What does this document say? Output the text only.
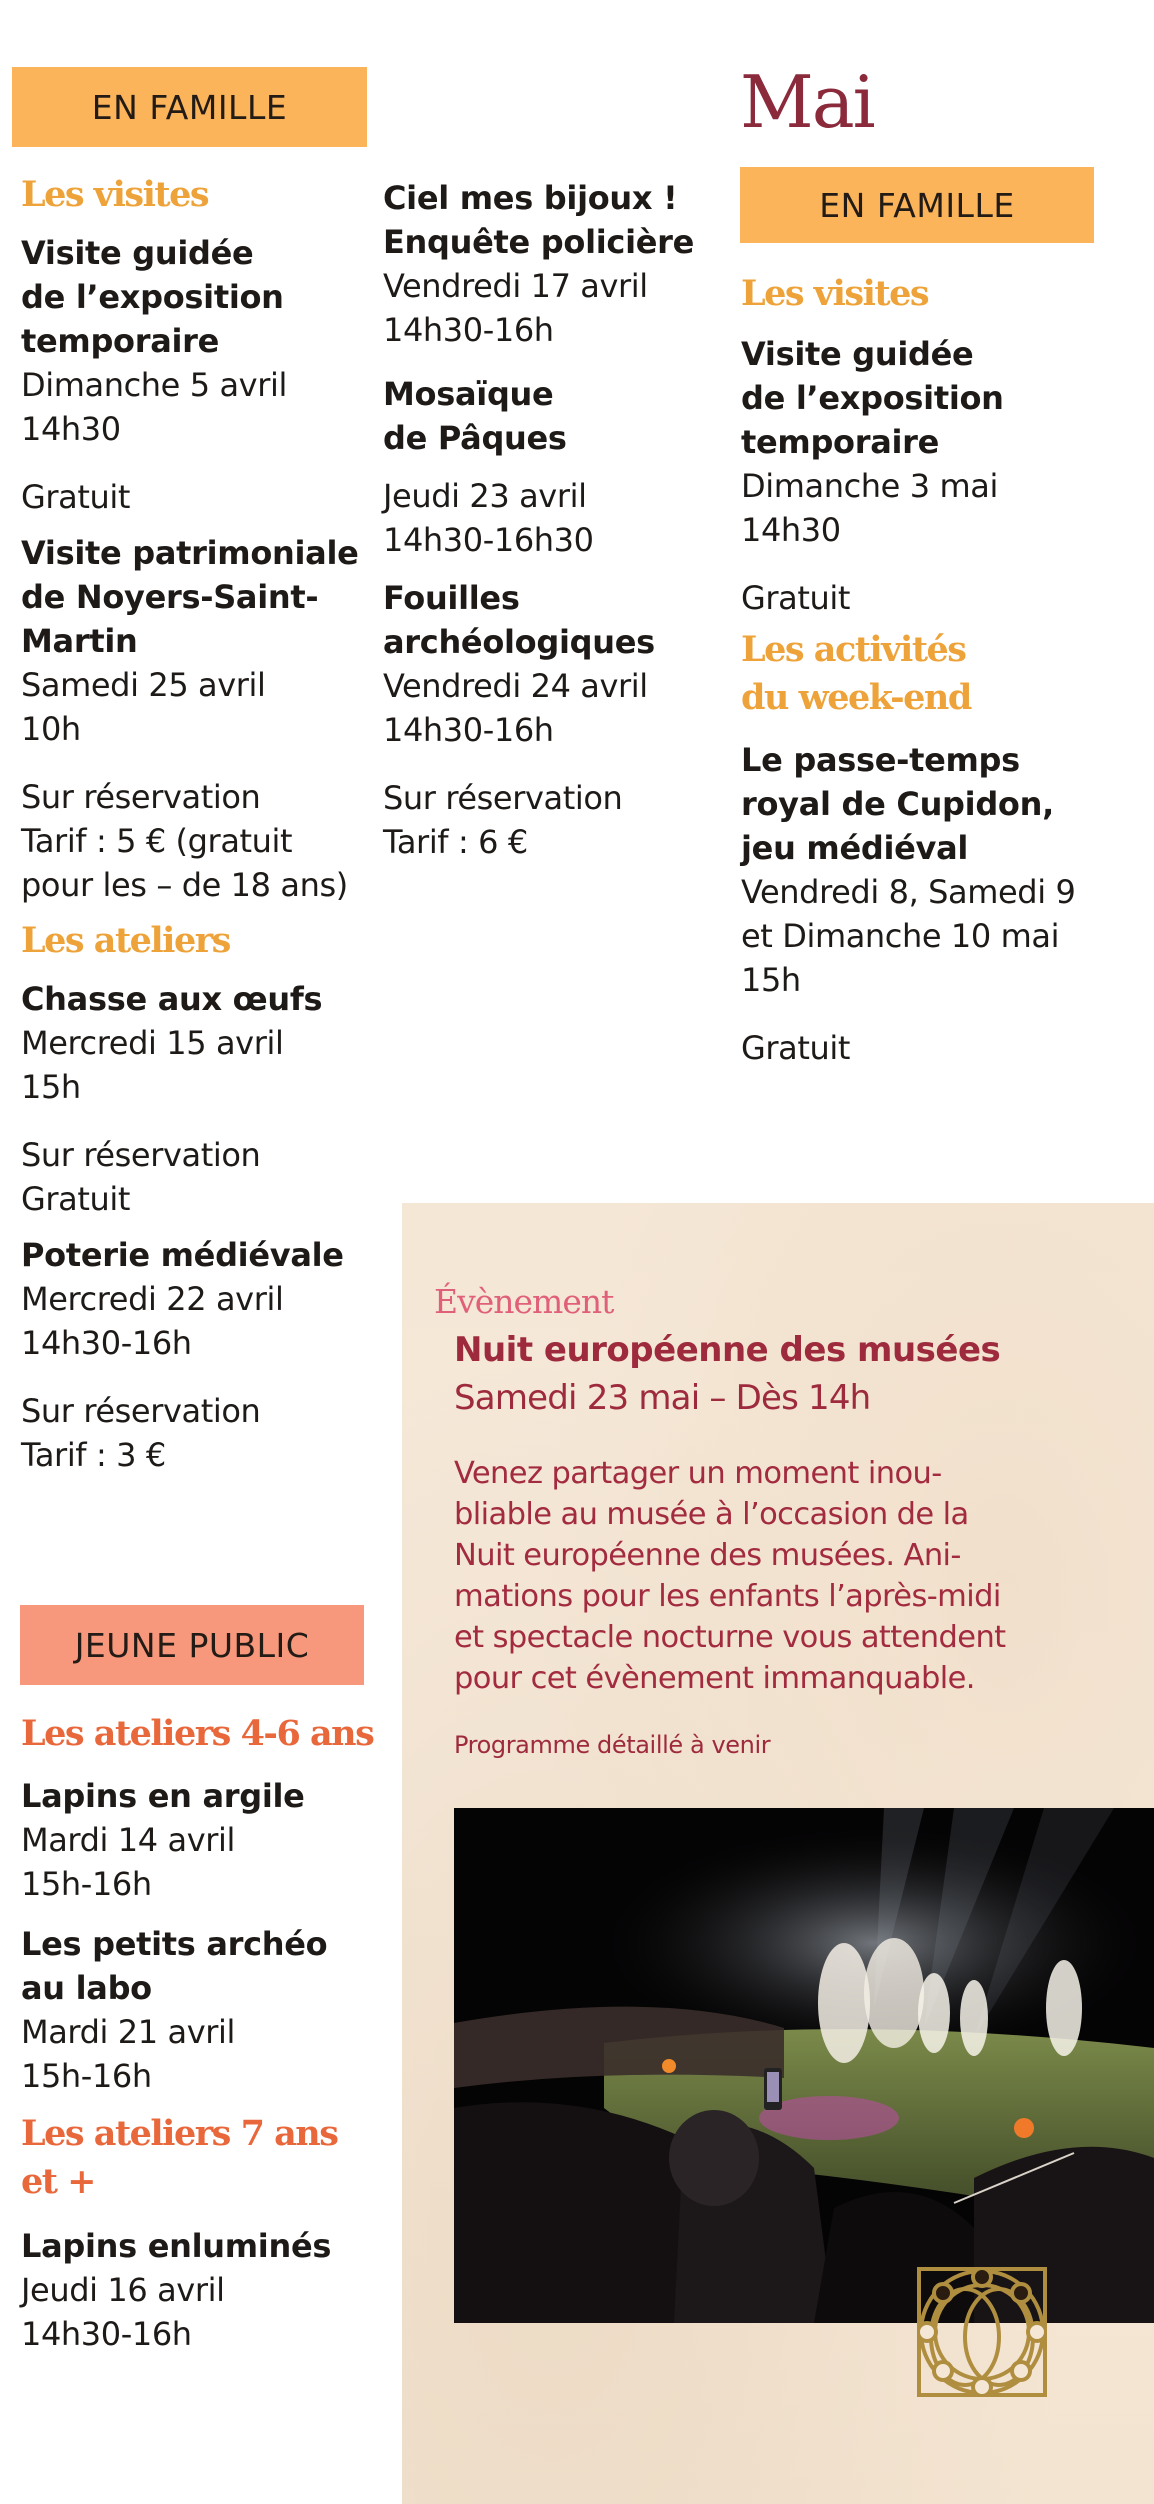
EN FAMILLE
Les visites

Visite guidée

de l’exposition

temporaire

Dimanche 5 avril

14h30

Gratuit

Visite patrimoniale

de Noyers-Saint-

Martin

Samedi 25 avril

10h

Sur réservation

Tarif : 5 € (gratuit

pour les – de 18 ans)

Les ateliers

Chasse aux œufs

Mercredi 15 avril

15h

Sur réservation

Gratuit

Poterie médiévale

Mercredi 22 avril

14h30-16h

Sur réservation

Tarif : 3 €

JEUNE PUBLIC
Les ateliers 4-6 ans

Lapins en argile

Mardi 14 avril

15h-16h

Les petits archéo

au labo

Mardi 21 avril

15h-16h

Les ateliers 7 ans
et +

Lapins enluminés

Jeudi 16 avril

14h30-16h

Ciel mes bijoux !

Enquête policière

Vendredi 17 avril

14h30-16h

Mosaïque

de Pâques

Jeudi 23 avril

14h30-16h30

Fouilles

archéologiques

Vendredi 24 avril

14h30-16h

Sur réservation

Tarif : 6 €

Mai
EN FAMILLE
Les visites

Visite guidée

de l’exposition

temporaire

Dimanche 3 mai

14h30

Gratuit

Les activités
du week-end

Le passe-temps

royal de Cupidon,

jeu médiéval

Vendredi 8, Samedi 9

et Dimanche 10 mai

15h

Gratuit

Évènement
Nuit européenne des musées
Samedi 23 mai – Dès 14h
Venez partager un moment inou-
bliable au musée à l’occasion de la
Nuit européenne des musées. Ani-
mations pour les enfants l’après-midi
et spectacle nocturne vous attendent
pour cet évènement immanquable.
Programme détaillé à venir
